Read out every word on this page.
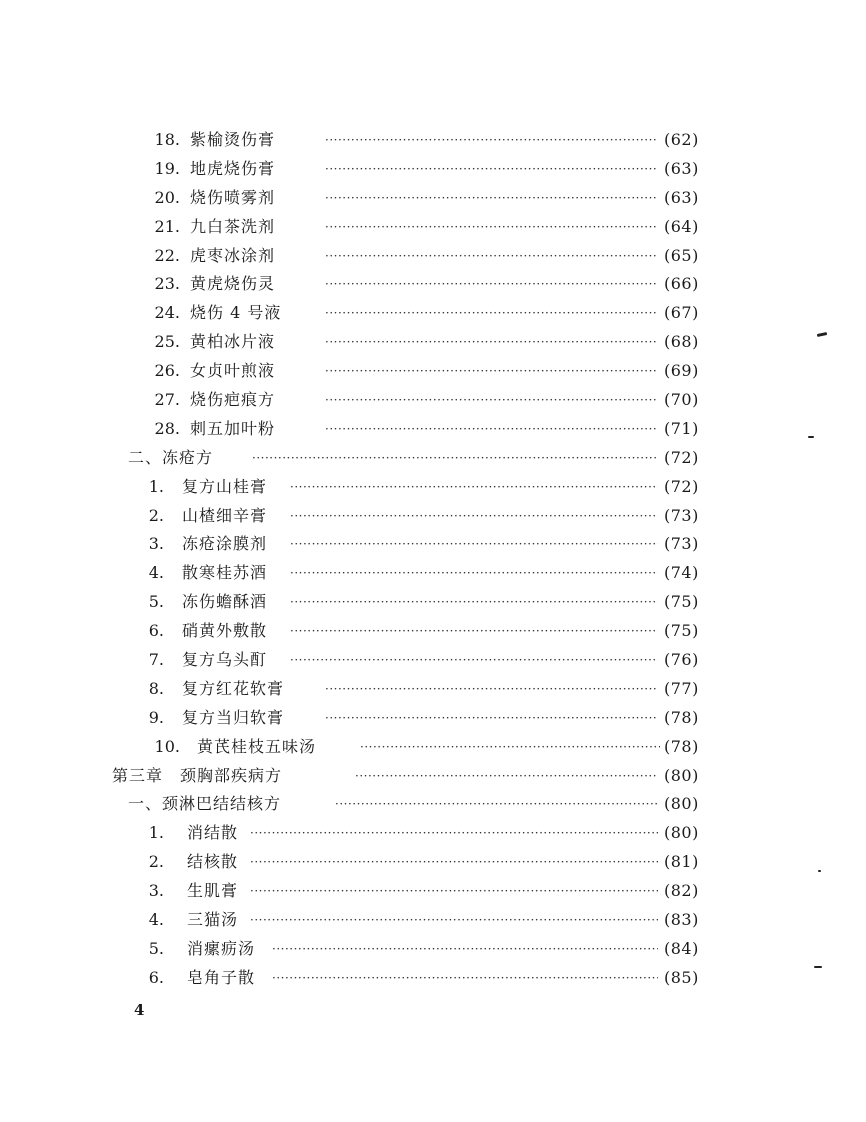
18. 紫榆烫伤膏 ·····	(62)
19. 地虎烧伤膏 ·····	(63)
20. 烧伤喷雾剂 ·····	(63)
21. 九白茶洗剂 ·····	(64)
22. 虎枣冰涂剂 ·····	(65)
23. 黄虎烧伤灵 ·····	(66)
24. 烧伤 4 号液 ·····	(67)
25. 黄柏冰片液 ·····	(68)
26. 女贞叶煎液 ·····	(69)
27. 烧伤疤痕方 ·····	(70)
28. 刺五加叶粉 ·····	(71)
二、冻疮方 ·····	(72)
1. 复方山桂膏 ·····	(72)
2. 山楂细辛膏 ·····	(73)
3. 冻疮涂膜剂 ·····	(73)
4. 散寒桂苏酒 ·····	(74)
5. 冻伤蟾酥酒 ·····	(75)
6. 硝黄外敷散 ·····	(75)
7. 复方乌头酊 ·····	(76)
8. 复方红花软膏 ·····	(77)
9. 复方当归软膏 ·····	(78)
10. 黄芪桂枝五味汤 ·····	(78)
第三章　颈胸部疾病方 ·····	(80)
一、颈淋巴结结核方 ·····	(80)
1. 消结散 ·····	(80)
2. 结核散 ·····	(81)
3. 生肌膏 ·····	(82)
4. 三猫汤 ·····	(83)
5. 消瘰疬汤 ·····	(84)
6. 皂角子散 ·····	(85)
4
